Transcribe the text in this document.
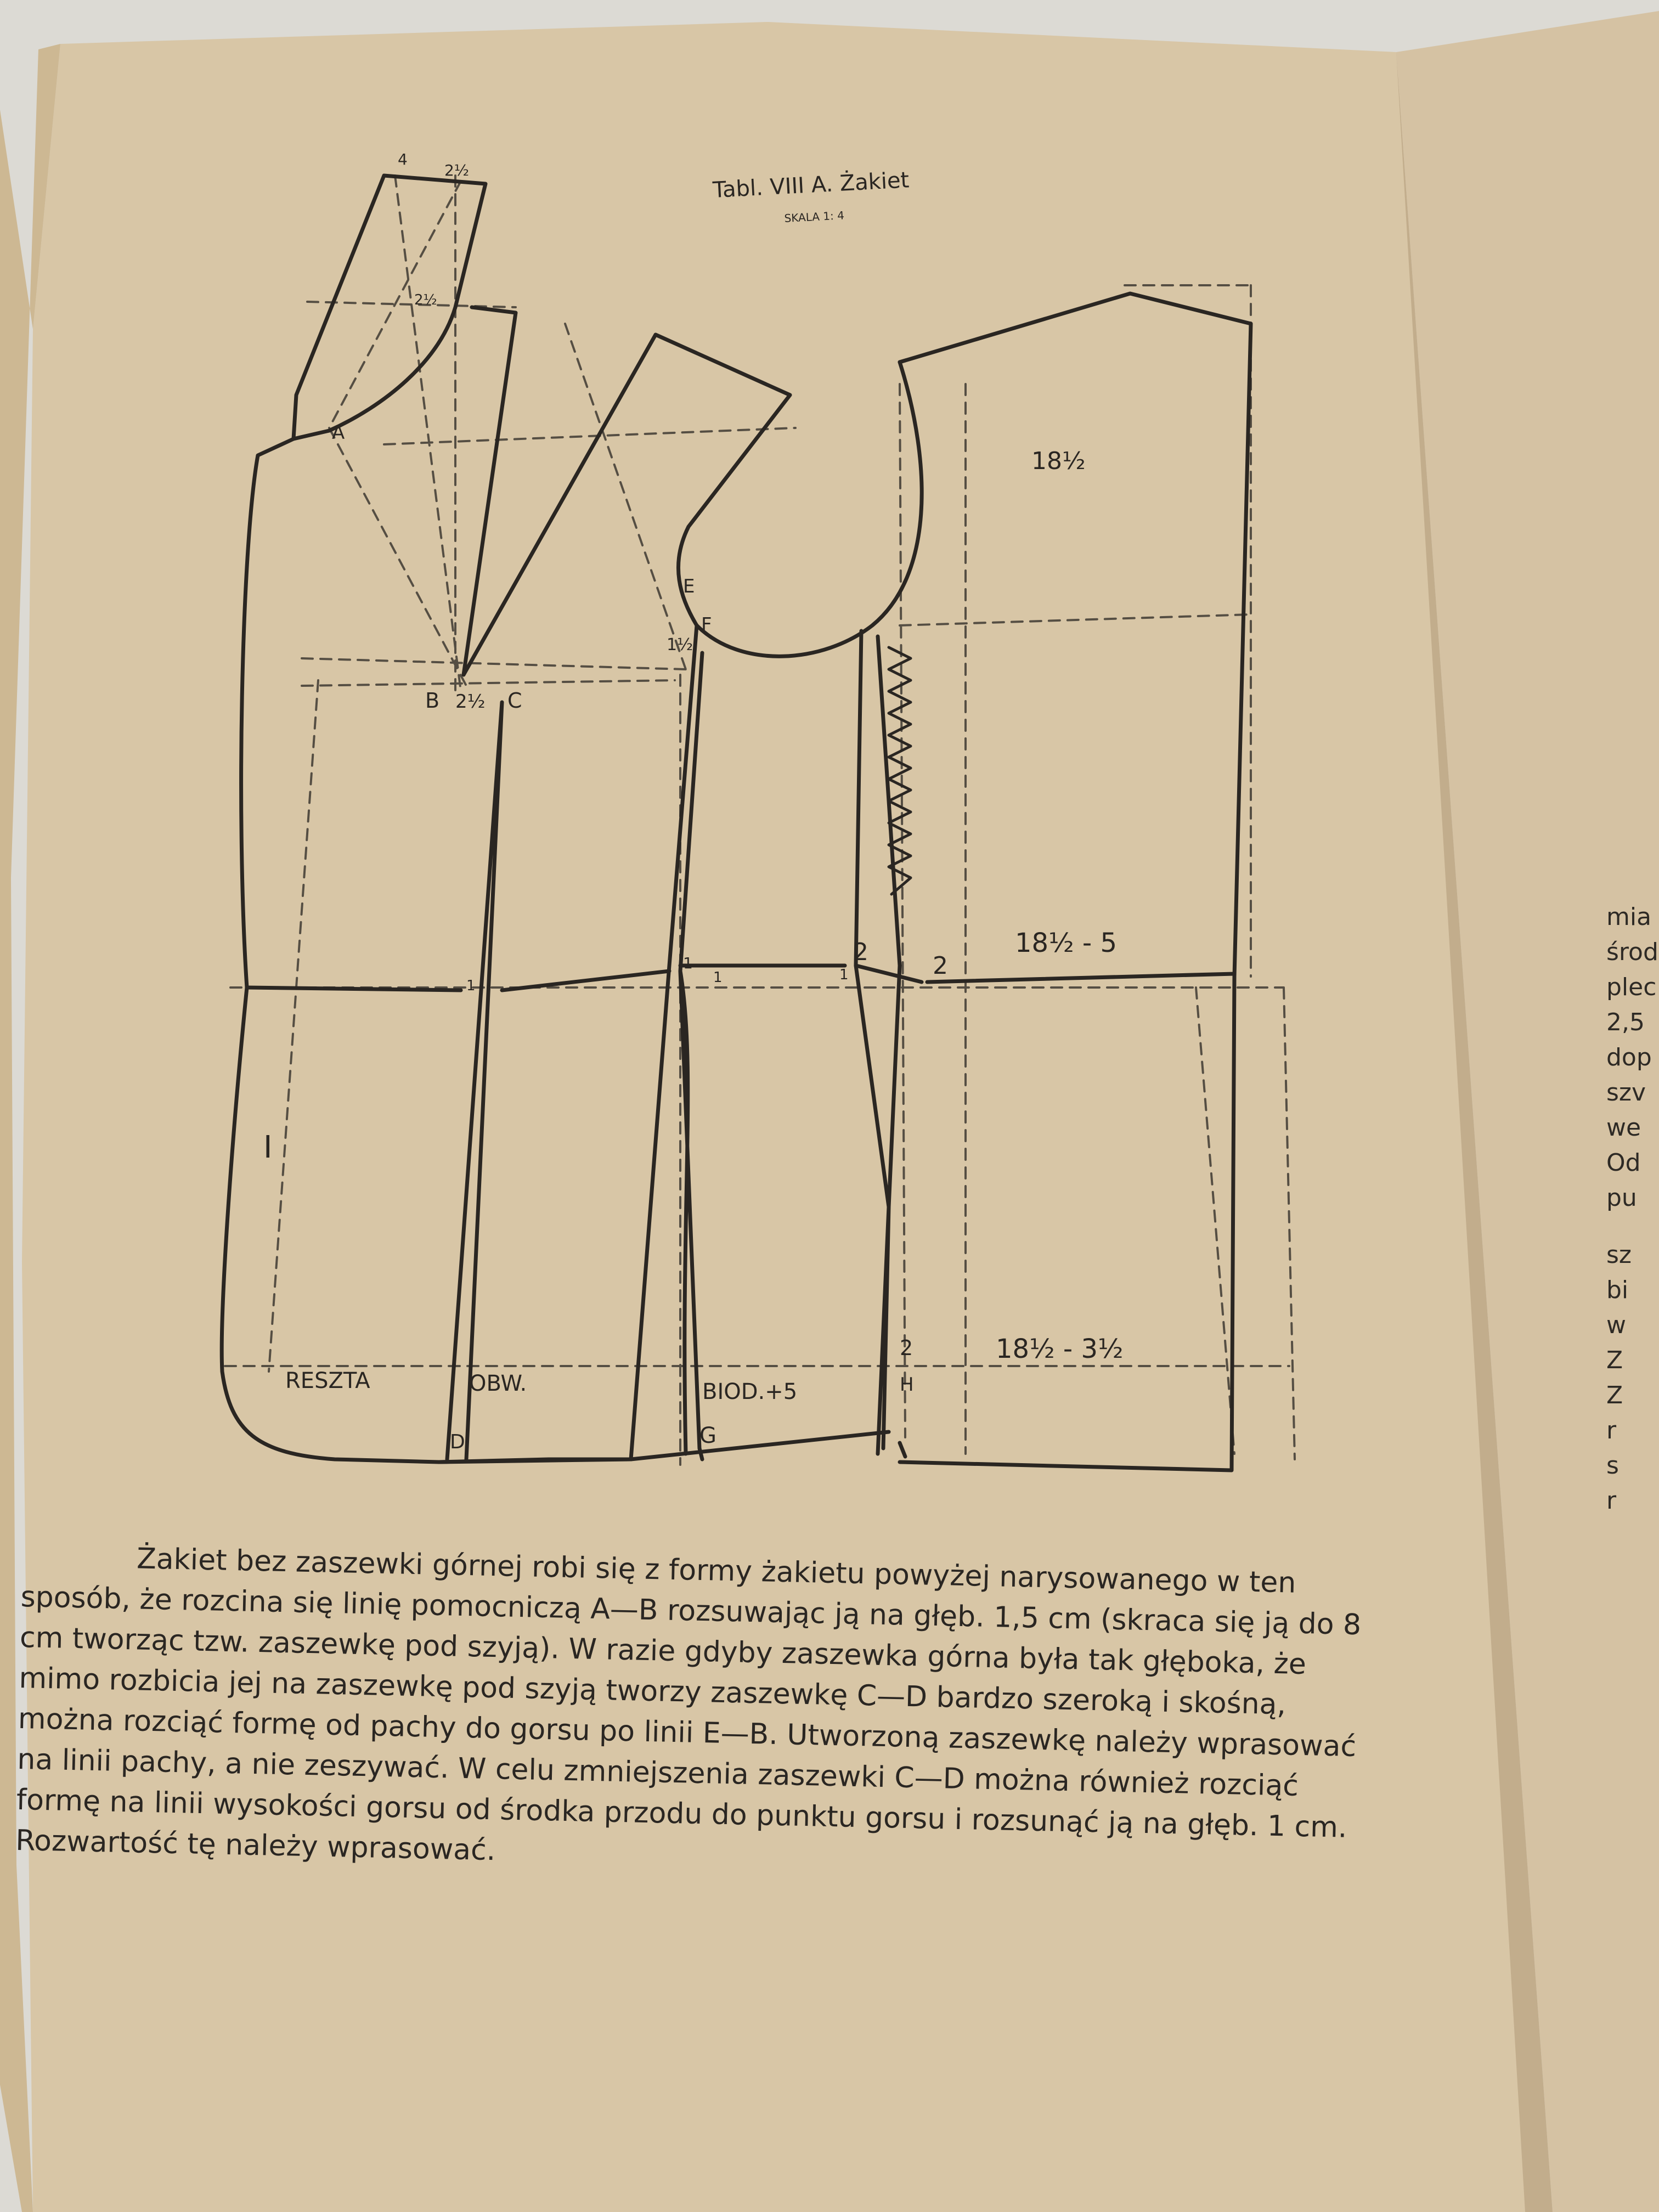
Tabl. VIII A. Żakiet
SKALA 1: 4
4
2½
2½
A
B 2½ C
E
F
1½
18½
2	2
18½ - 5
1
1
1	1
I
2	18½ - 3½
RESZTA	OBW.	BIOD.+5	H
D	G

Żakiet bez zaszewki górnej robi się z formy żakietu powyżej narysowanego w ten sposób, że rozcina się linię pomocniczą A—B rozsuwając ją na głęb. 1,5 cm (skraca się ją do 8 cm tworząc tzw. zaszewkę pod szyją). W razie gdyby zaszewka górna była tak głęboka, że mimo rozbicia jej na zaszewkę pod szyją tworzy zaszewkę C—D bardzo szeroką i skośną, można rozciąć formę od pachy do gorsu po linii E—B. Utworzoną zaszewkę należy wprasować na linii pachy, a nie zeszywać. W celu zmniejszenia zaszewki C—D można również rozciąć formę na linii wysokości gorsu od środka przodu do punktu gorsu i rozsunąć ją na głęb. 1 cm. Rozwartość tę należy wprasować.

mia
środ
plec
2,5
dop
szv
we
Od
pu
sz
bi
w
Z
Z
r
s
r
